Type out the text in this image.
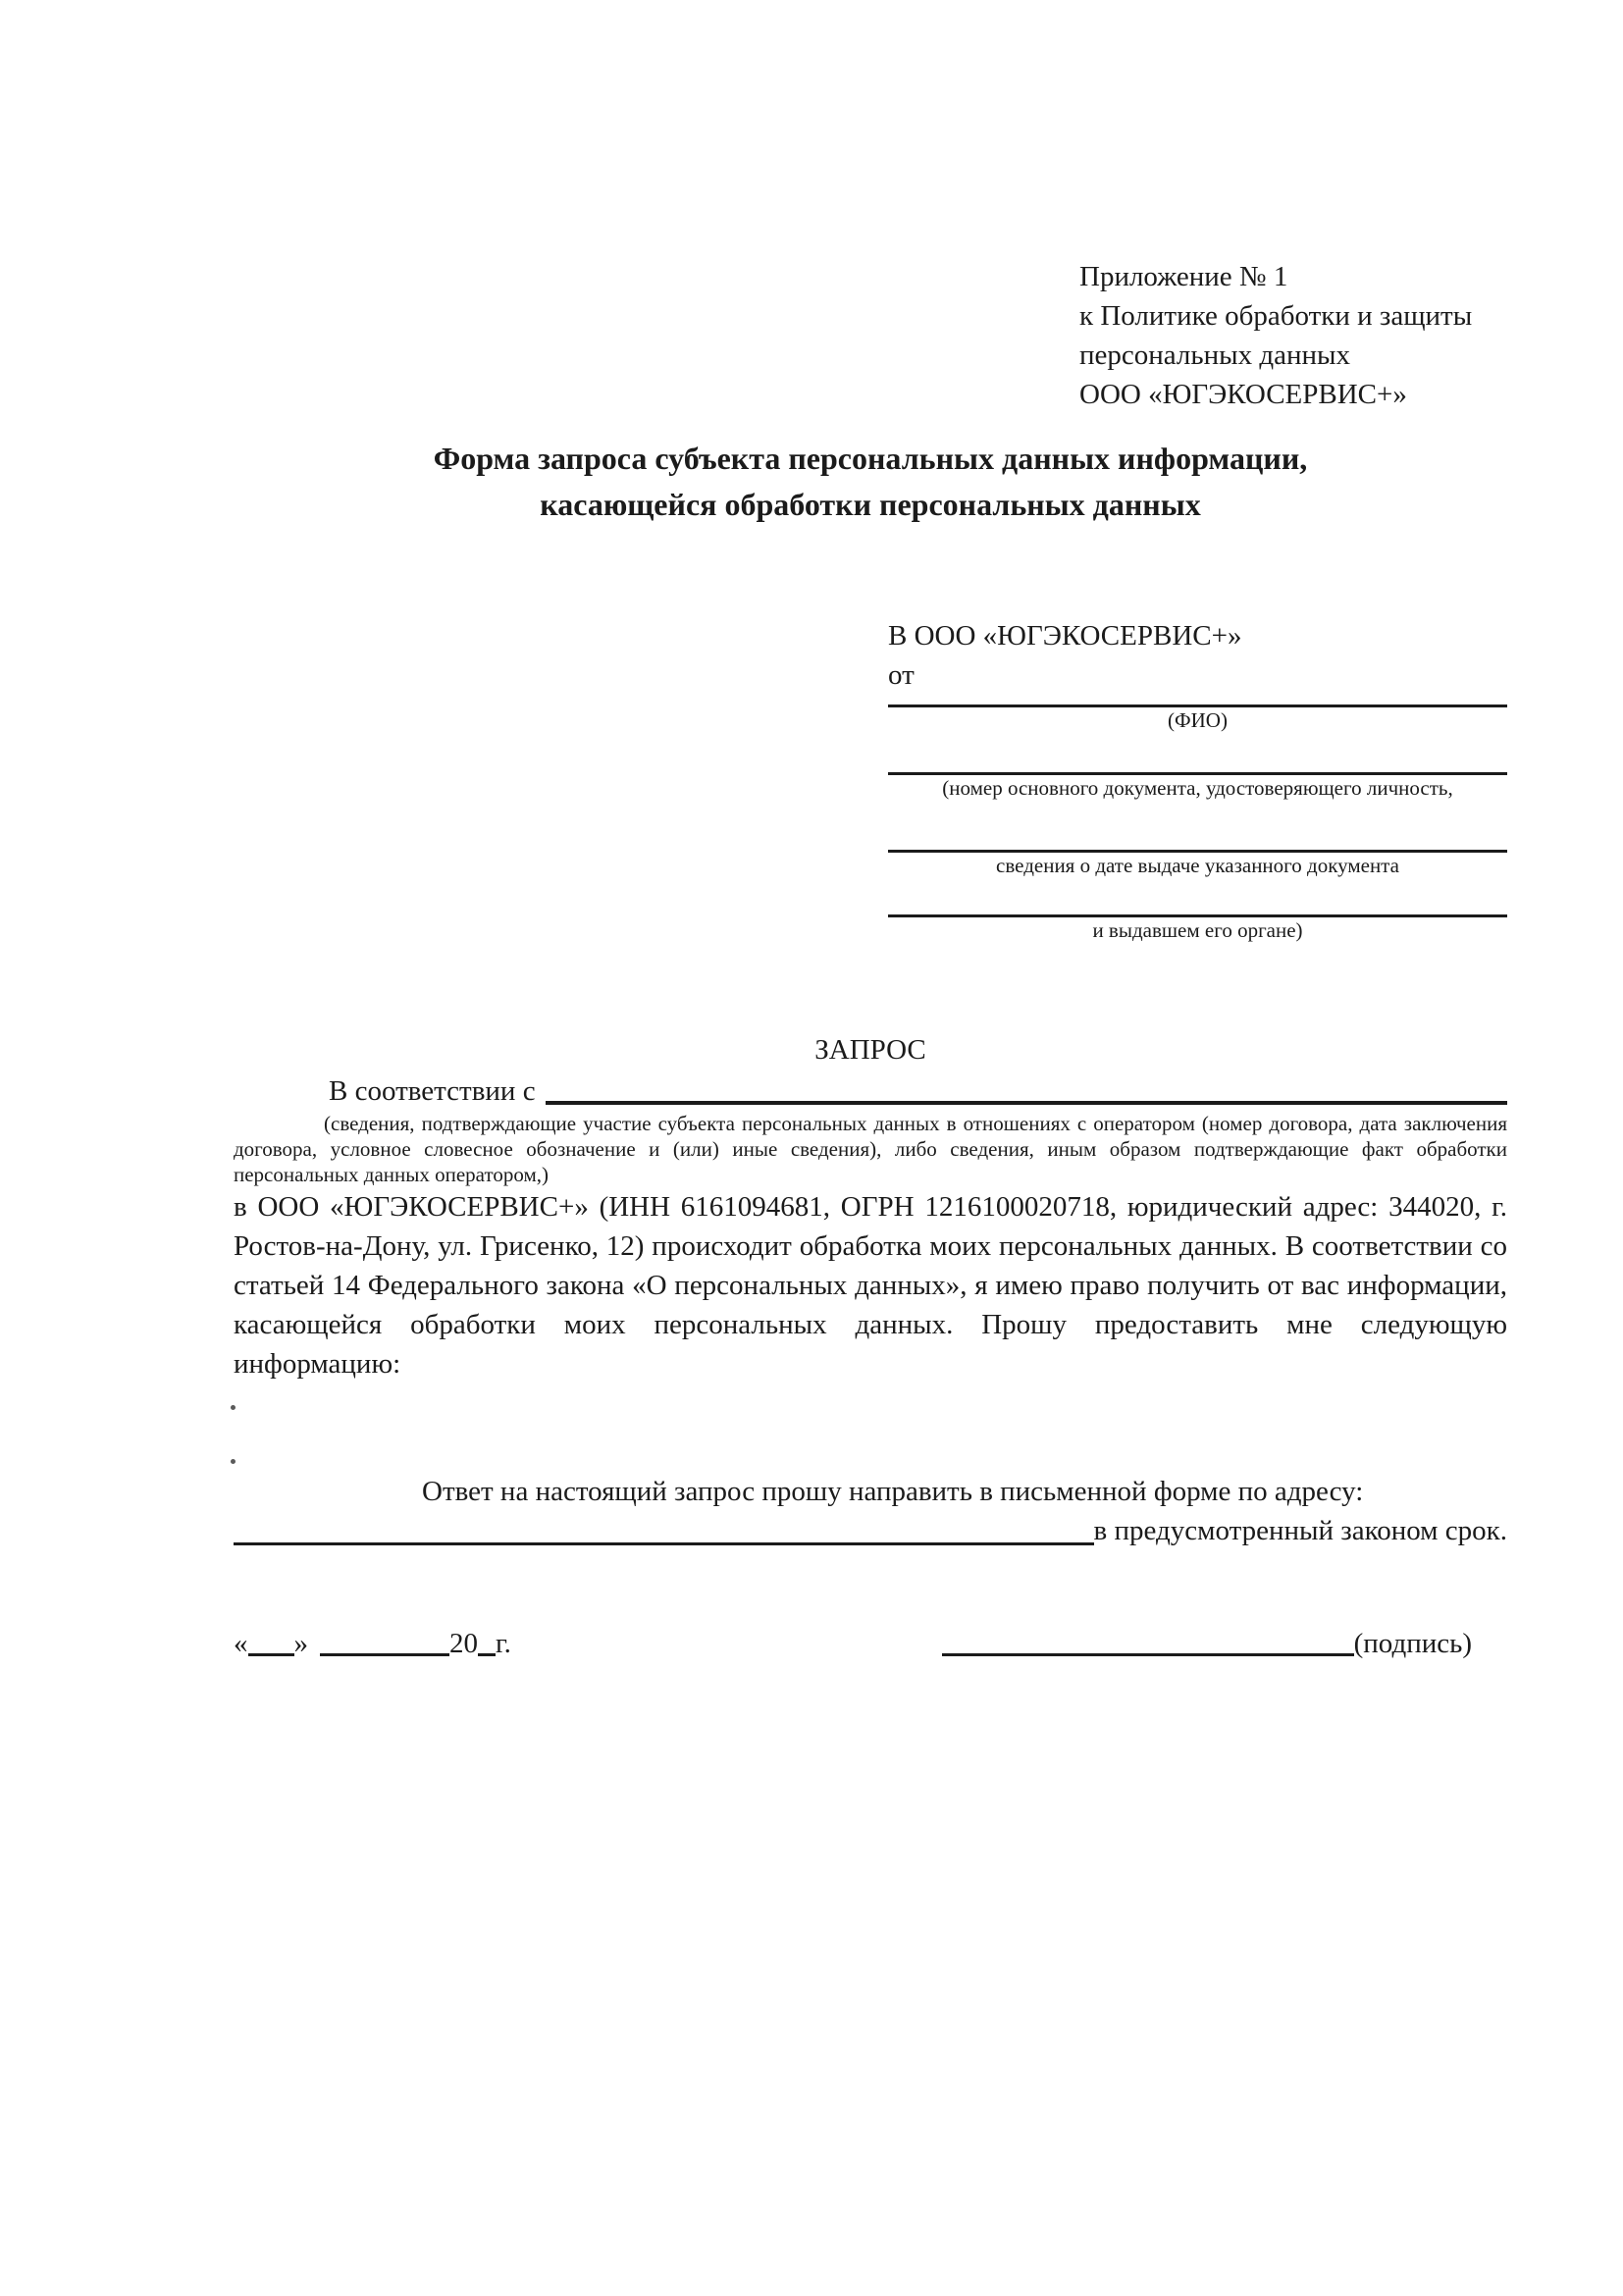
Приложение № 1
к Политике обработки и защиты
персональных данных
ООО «ЮГЭКОСЕРВИС+»
Форма запроса субъекта персональных данных информации,
касающейся обработки персональных данных
В ООО «ЮГЭКОСЕРВИС+»
от
(ФИО)
(номер основного документа, удостоверяющего личность,
сведения о дате выдаче указанного документа
и выдавшем его органе)
ЗАПРОС
В соответствии с
(сведения, подтверждающие участие субъекта персональных данных в отношениях с оператором (номер договора, дата заключения договора, условное словесное обозначение и (или) иные сведения), либо сведения, иным образом подтверждающие факт обработки персональных данных оператором,)
в ООО «ЮГЭКОСЕРВИС+» (ИНН 6161094681, ОГРН 1216100020718, юридический адрес: 344020, г. Ростов-на-Дону, ул. Грисенко, 12) происходит обработка моих персональных данных. В соответствии со статьей 14 Федерального закона «О персональных данных», я имею право получить от вас информации, касающейся обработки моих персональных данных. Прошу предоставить мне следующую информацию:
Ответ на настоящий запрос прошу направить в письменной форме по адресу:
в предусмотренный законом срок.
« »	20 г.	(подпись)
